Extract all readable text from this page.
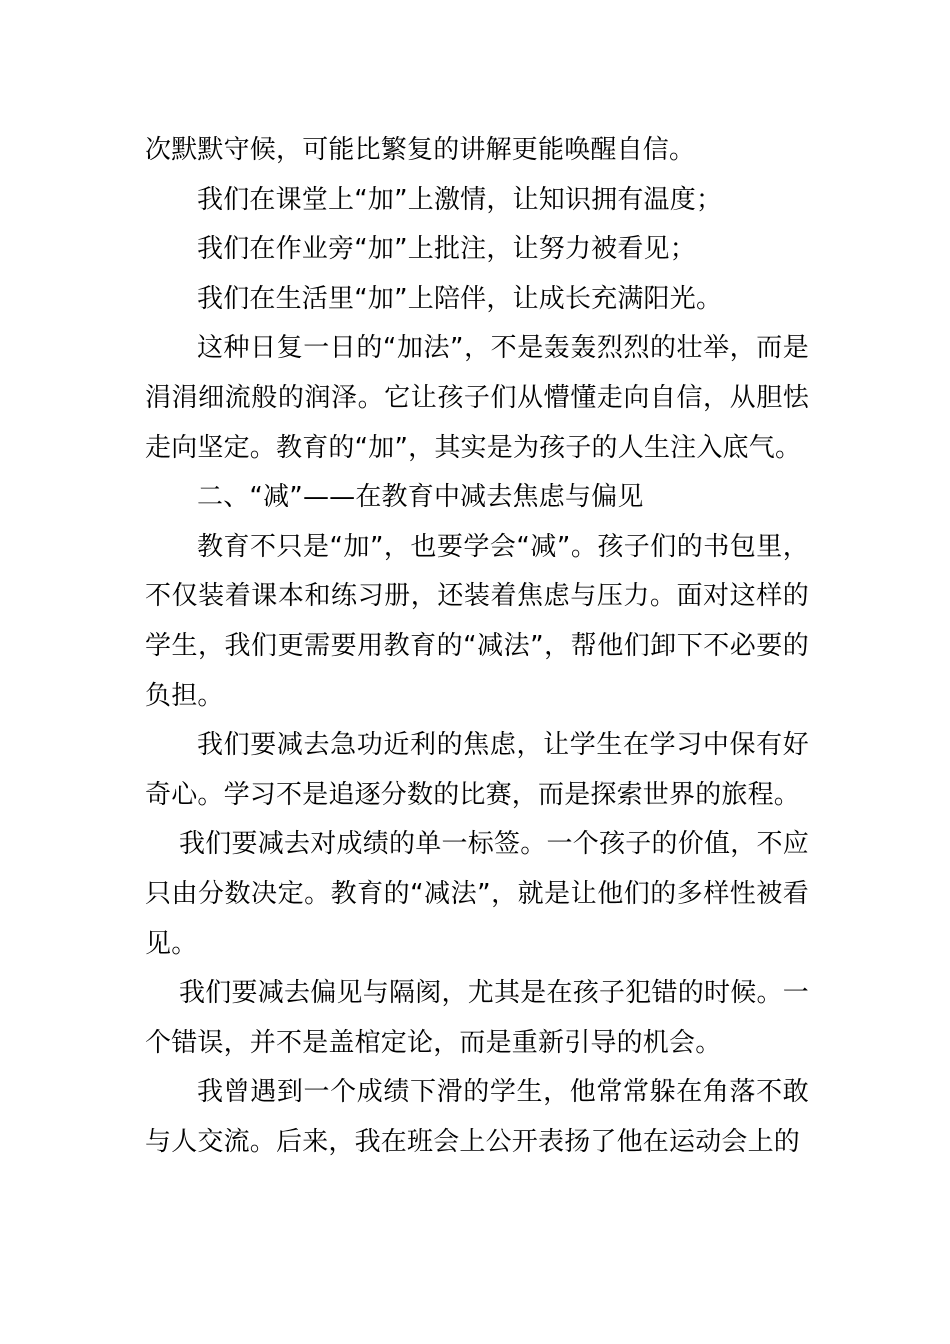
次默默守候，可能比繁复的讲解更能唤醒自信。

我们在课堂上“加”上激情，让知识拥有温度；

我们在作业旁“加”上批注，让努力被看见；

我们在生活里“加”上陪伴，让成长充满阳光。

这种日复一日的“加法”，不是轰轰烈烈的壮举，而是涓涓细流般的润泽。它让孩子们从懵懂走向自信，从胆怯走向坚定。教育的“加”，其实是为孩子的人生注入底气。

二、“减”——在教育中减去焦虑与偏见

教育不只是“加”，也要学会“减”。孩子们的书包里，不仅装着课本和练习册，还装着焦虑与压力。面对这样的学生，我们更需要用教育的“减法”，帮他们卸下不必要的负担。

我们要减去急功近利的焦虑，让学生在学习中保有好奇心。学习不是追逐分数的比赛，而是探索世界的旅程。

我们要减去对成绩的单一标签。一个孩子的价值，不应只由分数决定。教育的“减法”，就是让他们的多样性被看见。

我们要减去偏见与隔阂，尤其是在孩子犯错的时候。一个错误，并不是盖棺定论，而是重新引导的机会。

我曾遇到一个成绩下滑的学生，他常常躲在角落不敢与人交流。后来，我在班会上公开表扬了他在运动会上的
